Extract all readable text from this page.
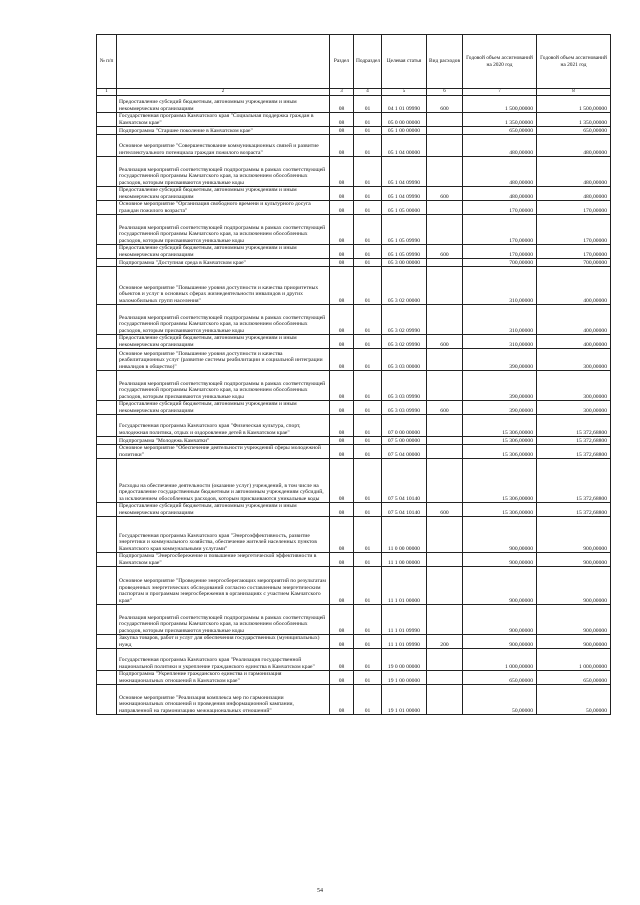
№ п/п		Раздел	Подраздел	Целевая статья	Вид расходов	Годовой объем ассигнований на 2020 год	Годовой объем ассигнований на 2021 год
1	2	3	4	5	6	7	8
	Предоставление субсидий бюджетным, автономным учреждениям и иным некоммерческим организациям	08	01	04 1 01 09990	600	1 500,00000	1 500,00000
	Государственная программа Камчатского края "Социальная поддержка граждан в Камчатском крае"	08	01	05 0 00 00000		1 350,00000	1 350,00000
	Подпрограмма "Старшее поколение в Камчатском крае"	08	01	05 1 00 00000		650,00000	650,00000
	Основное мероприятие "Совершенствование коммуникационных связей и развитие интеллектуального потенциала граждан пожилого возраста"	08	01	05 1 04 00000		480,00000	480,00000
	Реализация мероприятий соответствующей подпрограммы в рамках соответствующей государственной программы Камчатского края, за исключением обособленных расходов, которым присваиваются уникальные коды	08	01	05 1 04 09990		480,00000	480,00000
	Предоставление субсидий бюджетным, автономным учреждениям и иным некоммерческим организациям	08	01	05 1 04 09990	600	480,00000	480,00000
	Основное мероприятие "Организация свободного времени и культурного досуга граждан пожилого возраста"	08	01	05 1 05 00000		170,00000	170,00000
	Реализация мероприятий соответствующей подпрограммы в рамках соответствующей государственной программы Камчатского края, за исключением обособленных расходов, которым присваиваются уникальные коды	08	01	05 1 05 09990		170,00000	170,00000
	Предоставление субсидий бюджетным, автономным учреждениям и иным некоммерческим организациям	08	01	05 1 05 09990	600	170,00000	170,00000
	Подпрограмма "Доступная среда в Камчатском крае"	08	01	05 3 00 00000		700,00000	700,00000
	Основное мероприятие "Повышение уровня доступности и качества приоритетных объектов и услуг в основных сферах жизнедеятельности инвалидов и других маломобильных групп населения"	08	01	05 3 02 00000		310,00000	400,00000
	Реализация мероприятий соответствующей подпрограммы в рамках соответствующей государственной программы Камчатского края, за исключением обособленных расходов, которым присваиваются уникальные коды	08	01	05 3 02 09990		310,00000	400,00000
	Предоставление субсидий бюджетным, автономным учреждениям и иным некоммерческим организациям	08	01	05 3 02 09990	600	310,00000	400,00000
	Основное мероприятие "Повышение уровня доступности и качества реабилитационных услуг (развитие системы реабилитации и социальной интеграции инвалидов в общество)"	08	01	05 3 03 00000		390,00000	300,00000
	Реализация мероприятий соответствующей подпрограммы в рамках соответствующей государственной программы Камчатского края, за исключением обособленных расходов, которым присваиваются уникальные коды	08	01	05 3 03 09990		390,00000	300,00000
	Предоставление субсидий бюджетным, автономным учреждениям и иным некоммерческим организациям	08	01	05 3 03 09990	600	390,00000	300,00000
	Государственная программа Камчатского края "Физическая культура, спорт, молодежная политика, отдых и оздоровление детей в Камчатском крае"	08	01	07 0 00 00000		15 306,00000	15 372,68800
	Подпрограмма "Молодежь Камчатки"	08	01	07 5 00 00000		15 306,00000	15 372,68800
	Основное мероприятие "Обеспечение деятельности учреждений сферы молодежной политики"	08	01	07 5 04 00000		15 306,00000	15 372,68800
	Расходы на обеспечение деятельности (оказание услуг) учреждений, в том числе на предоставление государственным бюджетным и автономным учреждениям субсидий, за исключением обособленных расходов, которым присваиваются уникальные коды	08	01	07 5 04 10140		15 306,00000	15 372,68800
	Предоставление субсидий бюджетным, автономным учреждениям и иным некоммерческим организациям	08	01	07 5 04 10140	600	15 306,00000	15 372,68800
	Государственная программа Камчатского края "Энергоэффективность, развитие энергетики и коммунального хозяйства, обеспечение жителей населенных пунктов Камчатского края коммунальными услугами"	08	01	11 0 00 00000		900,00000	900,00000
	Подпрограмма "Энергосбережение и повышение энергетической эффективности в Камчатском крае"	08	01	11 1 00 00000		900,00000	900,00000
	Основное мероприятие "Проведение энергосберегающих мероприятий по результатам проведенных энергетических обследований согласно составленным энергетическим паспортам и программам энергосбережения в организациях с участием Камчатского края"	08	01	11 1 01 00000		900,00000	900,00000
	Реализация мероприятий соответствующей подпрограммы в рамках соответствующей государственной программы Камчатского края, за исключением обособленных расходов, которым присваиваются уникальные коды	08	01	11 1 01 09990		900,00000	900,00000
	Закупка товаров, работ и услуг для обеспечения государственных (муниципальных) нужд	08	01	11 1 01 09990	200	900,00000	900,00000
	Государственная программа Камчатского края "Реализация государственной национальной политики и укрепление гражданского единства в Камчатском крае"	08	01	19 0 00 00000		1 000,00000	1 000,00000
	Подпрограмма "Укрепление гражданского единства и гармонизация межнациональных отношений в Камчатском крае"	08	01	19 1 00 00000		650,00000	650,00000
	Основное мероприятие "Реализация комплекса мер по гармонизации межнациональных отношений и проведения информационной кампании, направленной на гармонизацию межнациональных отношений"	08	01	19 1 01 00000		50,00000	50,00000
54
